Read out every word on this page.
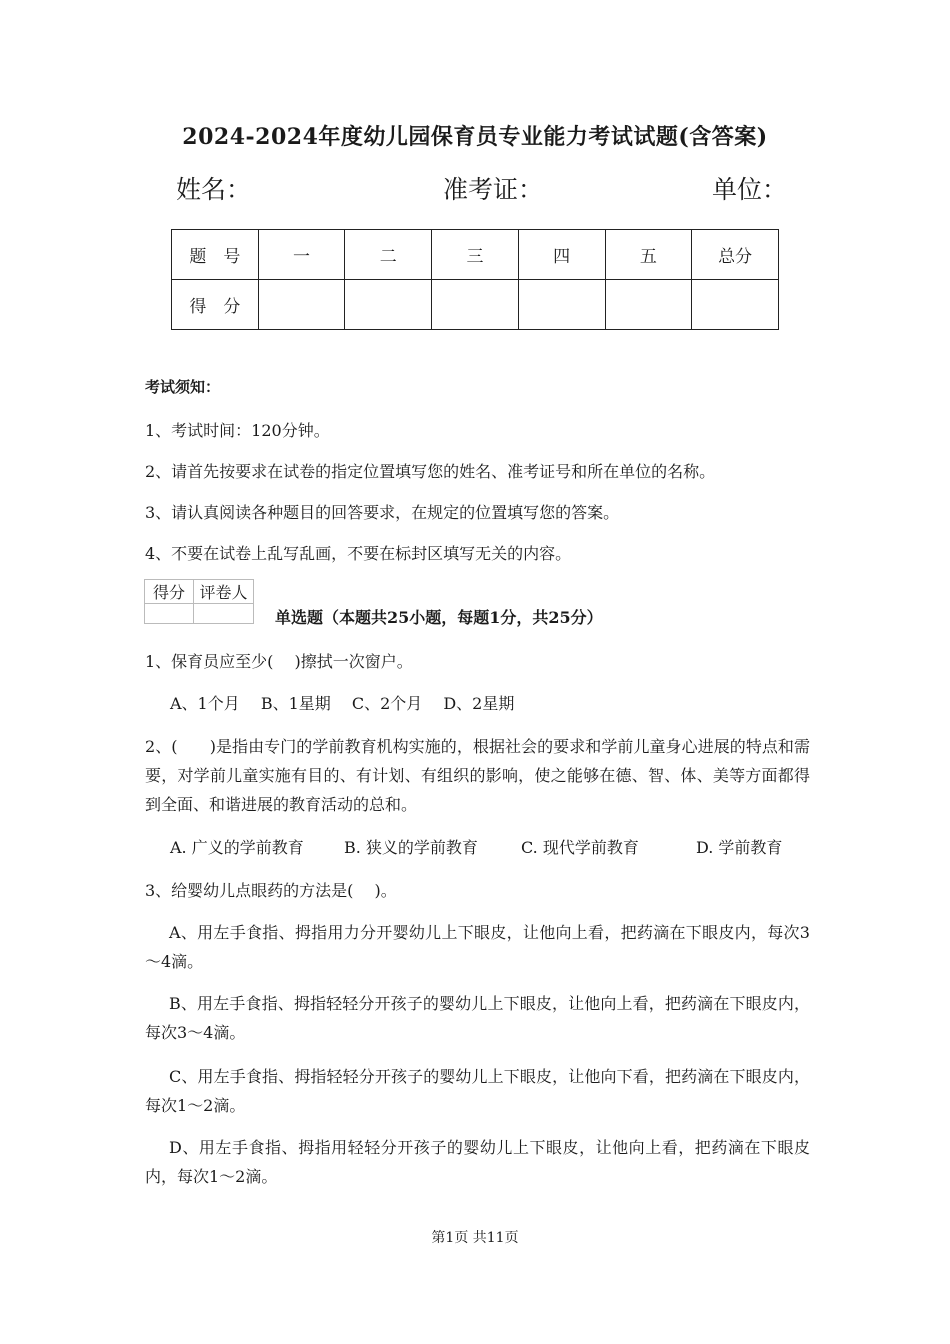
2024-2024年度幼儿园保育员专业能力考试试题(含答案)
姓名：	准考证：	单位：
题　号	一	二	三	四	五	总分
得　分						
考试须知：
1、考试时间：120分钟。
2、请首先按要求在试卷的指定位置填写您的姓名、准考证号和所在单位的名称。
3、请认真阅读各种题目的回答要求，在规定的位置填写您的答案。
4、不要在试卷上乱写乱画，不要在标封区填写无关的内容。
得分	评卷人

单选题（本题共25小题，每题1分，共25分）
1、保育员应至少(　 )擦拭一次窗户。
A、1个月　 B、1星期　 C、2个月　 D、2星期
2、(　　)是指由专门的学前教育机构实施的，根据社会的要求和学前儿童身心进展的特点和需要，对学前儿童实施有目的、有计划、有组织的影响，使之能够在德、智、体、美等方面都得到全面、和谐进展的教育活动的总和。
A. 广义的学前教育	B. 狭义的学前教育	C. 现代学前教育	D. 学前教育
3、给婴幼儿点眼药的方法是(　 )。
A、用左手食指、拇指用力分开婴幼儿上下眼皮，让他向上看，把药滴在下眼皮内，每次3～4滴。
B、用左手食指、拇指轻轻分开孩子的婴幼儿上下眼皮，让他向上看，把药滴在下眼皮内，每次3～4滴。
C、用左手食指、拇指轻轻分开孩子的婴幼儿上下眼皮，让他向下看，把药滴在下眼皮内，每次1～2滴。
D、用左手食指、拇指用轻轻分开孩子的婴幼儿上下眼皮，让他向上看，把药滴在下眼皮内，每次1～2滴。
第1页 共11页
